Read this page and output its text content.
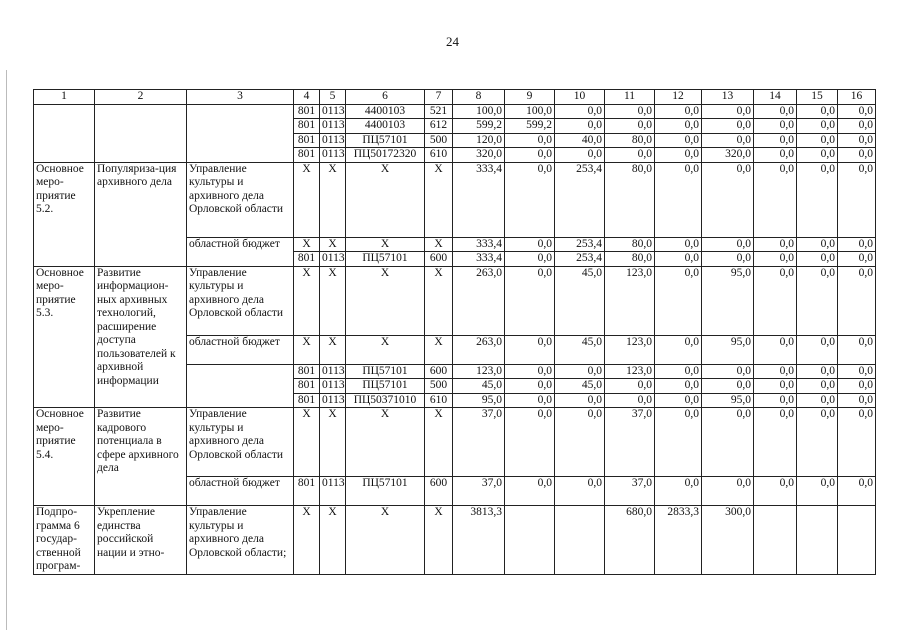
24
1	2	3	4	5	6	7	8	9	10	11	12	13	14	15	16
			801	0113	4400103	521	100,0	100,0	0,0	0,0	0,0	0,0	0,0	0,0	0,0
			801	0113	4400103	612	599,2	599,2	0,0	0,0	0,0	0,0	0,0	0,0	0,0
			801	0113	ПЦ57101	500	120,0	0,0	40,0	80,0	0,0	0,0	0,0	0,0	0,0
			801	0113	ПЦ50172320	610	320,0	0,0	0,0	0,0	0,0	320,0	0,0	0,0	0,0
Основное меро-приятие 5.2.	Популяриза-ция архивного дела	Управление культуры и архивного дела Орловской области	X	X	X	X	333,4	0,0	253,4	80,0	0,0	0,0	0,0	0,0	0,0
		областной бюджет	X	X	X	X	333,4	0,0	253,4	80,0	0,0	0,0	0,0	0,0	0,0
			801	0113	ПЦ57101	600	333,4	0,0	253,4	80,0	0,0	0,0	0,0	0,0	0,0
Основное меро-приятие 5.3.	Развитие информацион-ных архивных технологий, расширение доступа пользователей к архивной информации	Управление культуры и архивного дела Орловской области	X	X	X	X	263,0	0,0	45,0	123,0	0,0	95,0	0,0	0,0	0,0
		областной бюджет	X	X	X	X	263,0	0,0	45,0	123,0	0,0	95,0	0,0	0,0	0,0
			801	0113	ПЦ57101	600	123,0	0,0	0,0	123,0	0,0	0,0	0,0	0,0	0,0
			801	0113	ПЦ57101	500	45,0	0,0	45,0	0,0	0,0	0,0	0,0	0,0	0,0
			801	0113	ПЦ50371010	610	95,0	0,0	0,0	0,0	0,0	95,0	0,0	0,0	0,0
Основное меро-приятие 5.4.	Развитие кадрового потенциала в сфере архивного дела	Управление культуры и архивного дела Орловской области	X	X	X	X	37,0	0,0	0,0	37,0	0,0	0,0	0,0	0,0	0,0
		областной бюджет	801	0113	ПЦ57101	600	37,0	0,0	0,0	37,0	0,0	0,0	0,0	0,0	0,0
Подпро-грамма 6 государ-ственной програм-	Укрепление единства российской нации и этно-	Управление культуры и архивного дела Орловской области;	X	X	X	X	3813,3			680,0	2833,3	300,0			
